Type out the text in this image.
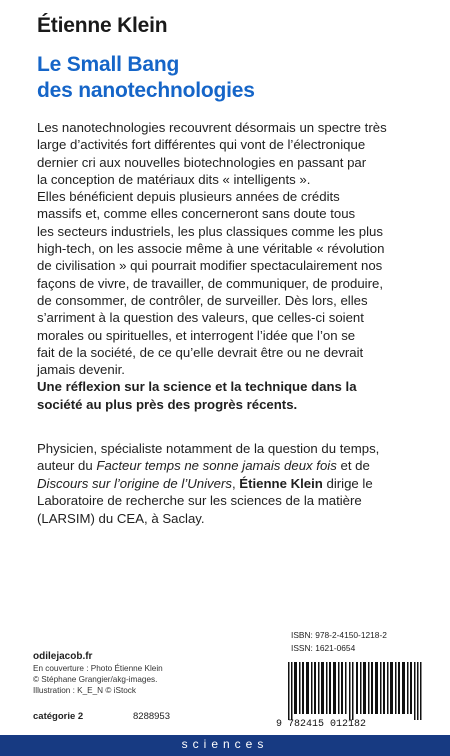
Étienne Klein
Le Small Bang
des nanotechnologies
Les nanotechnologies recouvrent désormais un spectre très
large d’activités fort différentes qui vont de l’électronique
dernier cri aux nouvelles biotechnologies en passant par
la conception de matériaux dits « intelligents ».
Elles bénéficient depuis plusieurs années de crédits
massifs et, comme elles concerneront sans doute tous
les secteurs industriels, les plus classiques comme les plus
high-tech, on les associe même à une véritable « révolution
de civilisation » qui pourrait modifier spectaculairement nos
façons de vivre, de travailler, de communiquer, de produire,
de consommer, de contrôler, de surveiller. Dès lors, elles
s’arriment à la question des valeurs, que celles-ci soient
morales ou spirituelles, et interrogent l’idée que l’on se
fait de la société, de ce qu’elle devrait être ou ne devrait
jamais devenir.
Une réflexion sur la science et la technique dans la
société au plus près des progrès récents.
Physicien, spécialiste notamment de la question du temps,
auteur du Facteur temps ne sonne jamais deux fois et de
Discours sur l’origine de l’Univers, Étienne Klein dirige le
Laboratoire de recherche sur les sciences de la matière
(LARSIM) du CEA, à Saclay.
ISBN: 978-2-4150-1218-2
ISSN: 1621-0654
odilejacob.fr
En couverture : Photo Étienne Klein
© Stéphane Grangier/akg-images.
Illustration : K_E_N © iStock
9 782415 012182
catégorie 2	8288953
sciences
